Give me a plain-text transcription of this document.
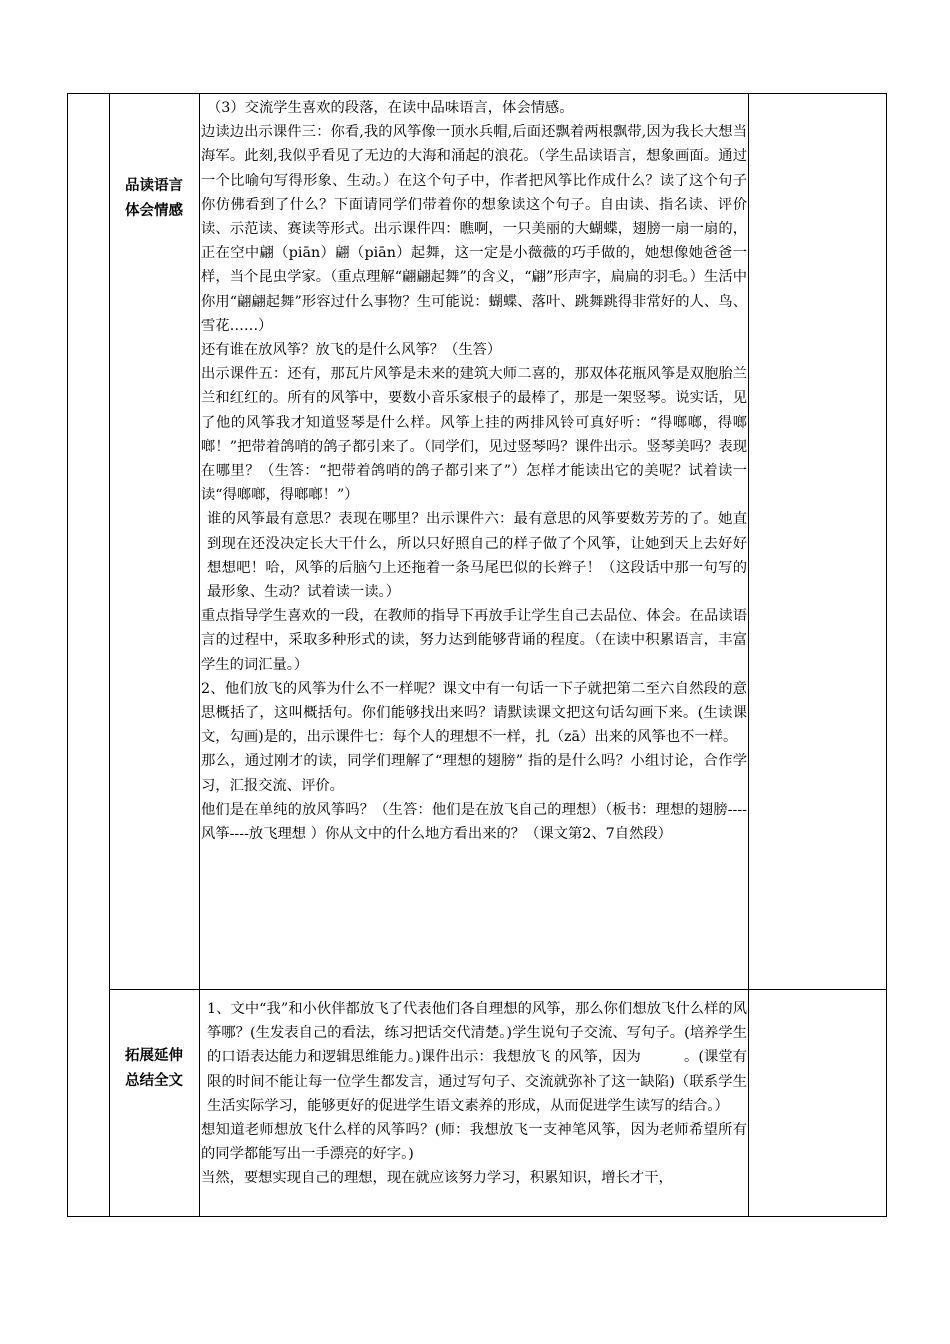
品读语言
体会情感

（3）交流学生喜欢的段落，在读中品味语言，体会情感。

边读边出示课件三：你看,我的风筝像一顶水兵帽,后面还飘着两根飘带,因为我长大想当海军。此刻,我似乎看见了无边的大海和涌起的浪花。（学生品读语言，想象画面。通过一个比喻句写得形象、生动。）在这个句子中，作者把风筝比作成什么？读了这个句子你仿佛看到了什么？下面请同学们带着你的想象读这个句子。自由读、指名读、评价读、示范读、赛读等形式。出示课件四：瞧啊，一只美丽的大蝴蝶，翅膀一扇一扇的，正在空中翩（piān）翩（piān）起舞，这一定是小薇薇的巧手做的，她想像她爸爸一样，当个昆虫学家。（重点理解“翩翩起舞”的含义，“翩”形声字，扁扁的羽毛。）生活中你用“翩翩起舞”形容过什么事物？生可能说：蝴蝶、落叶、跳舞跳得非常好的人、鸟、雪花……）

还有谁在放风筝？放飞的是什么风筝？（生答）

出示课件五：还有，那瓦片风筝是未来的建筑大师二喜的，那双体花瓶风筝是双胞胎兰兰和红红的。所有的风筝中，要数小音乐家根子的最棒了，那是一架竖琴。说实话，见了他的风筝我才知道竖琴是什么样。风筝上挂的两排风铃可真好听：“得啷啷，得啷啷！”把带着鸽哨的鸽子都引来了。（同学们，见过竖琴吗？课件出示。竖琴美吗？表现在哪里？（生答：“把带着鸽哨的鸽子都引来了”）怎样才能读出它的美呢？试着读一读“得啷啷，得啷啷！”）

谁的风筝最有意思？表现在哪里？出示课件六：最有意思的风筝要数芳芳的了。她直到现在还没决定长大干什么，所以只好照自己的样子做了个风筝，让她到天上去好好想想吧！哈，风筝的后脑勺上还拖着一条马尾巴似的长辫子！（这段话中那一句写的最形象、生动？试着读一读。）

重点指导学生喜欢的一段，在教师的指导下再放手让学生自己去品位、体会。在品读语言的过程中，采取多种形式的读，努力达到能够背诵的程度。（在读中积累语言，丰富学生的词汇量。）

2、他们放飞的风筝为什么不一样呢？课文中有一句话一下子就把第二至六自然段的意思概括了，这叫概括句。你们能够找出来吗？请默读课文把这句话勾画下来。(生读课文，勾画)是的，出示课件七：每个人的理想不一样，扎（zā）出来的风筝也不一样。

那么，通过刚才的读，同学们理解了“理想的翅膀” 指的是什么吗？小组讨论，合作学习，汇报交流、评价。

他们是在单纯的放风筝吗？（生答：他们是在放飞自己的理想）（板书：理想的翅膀----风筝----放飞理想 ）你从文中的什么地方看出来的？（课文第2、7自然段）

拓展延伸
总结全文

1、文中“我”和小伙伴都放飞了代表他们各自理想的风筝，那么你们想放飞什么样的风筝哪？(生发表自己的看法，练习把话交代清楚。)学生说句子交流、写句子。(培养学生的口语表达能力和逻辑思维能力。)课件出示：我想放飞 的风筝，因为　　　。(课堂有限的时间不能让每一位学生都发言，通过写句子、交流就弥补了这一缺陷)（联系学生生活实际学习，能够更好的促进学生语文素养的形成，从而促进学生读写的结合。）

想知道老师想放飞什么样的风筝吗？(师：我想放飞一支神笔风筝，因为老师希望所有的同学都能写出一手漂亮的好字。)

当然，要想实现自己的理想，现在就应该努力学习，积累知识，增长才干，
